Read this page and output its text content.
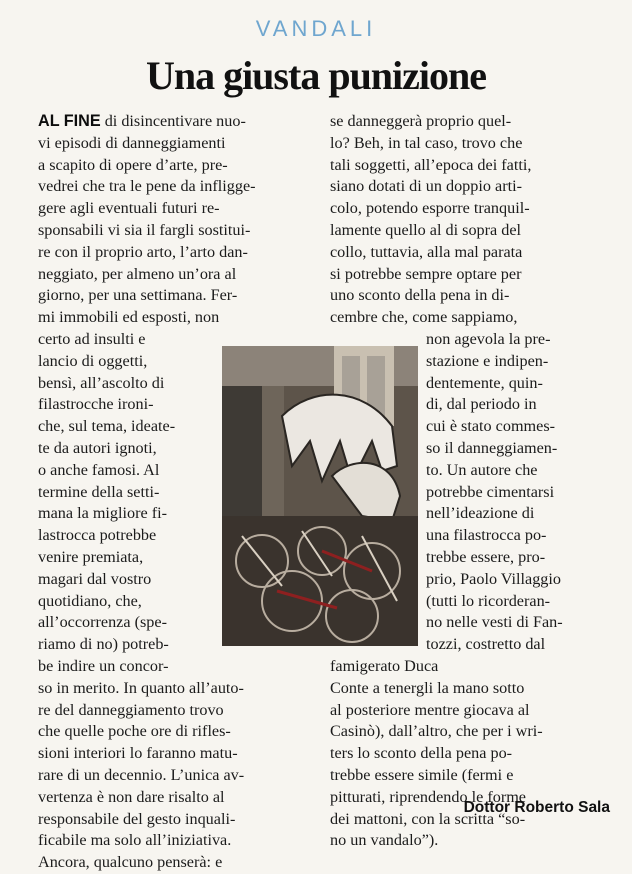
VANDALI
Una giusta punizione
AL FINE di disincentivare nuo-
vi episodi di danneggiamenti
a scapito di opere d’arte, pre-
vedrei che tra le pene da infligge-
gere agli eventuali futuri re-
sponsabili vi sia il fargli sostitui-
re con il proprio arto, l’arto dan-
neggiato, per almeno un’ora al
giorno, per una settimana. Fer-
mi immobili ed esposti, non
certo ad insulti e
lancio di oggetti,
bensì, all’ascolto di
filastrocche ironi-
che, sul tema, ideate-
te da autori ignoti,
o anche famosi. Al
termine della setti-
mana la migliore fi-
lastrocca potrebbe
venire premiata,
magari dal vostro
quotidiano, che,
all’occorrenza (spe-
riamo di no) potreb-
be indire un concor-
so in merito. In quanto all’auto-
re del danneggiamento trovo
che quelle poche ore di rifles-
sioni interiori lo faranno matu-
rare di un decennio. L’unica av-
vertenza è non dare risalto al
responsabile del gesto inquali-
ficabile ma solo all’iniziativa.
Ancora, qualcuno penserà: e
se danneggerà proprio quel-
lo? Beh, in tal caso, trovo che
tali soggetti, all’epoca dei fatti,
siano dotati di un doppio arti-
colo, potendo esporre tranquil-
lamente quello al di sopra del
collo, tuttavia, alla mal parata
si potrebbe sempre optare per
uno sconto della pena in di-
cembre che, come sappiamo,
non agevola la pre-
stazione e indipen-
dentemente, quin-
di, dal periodo in
cui è stato commes-
so il danneggiamen-
to. Un autore che
potrebbe cimentarsi
nell’ideazione di
una filastrocca po-
trebbe essere, pro-
prio, Paolo Villaggio
(tutti lo ricorderan-
no nelle vesti di Fan-
tozzi, costretto dal
famigerato Duca
Conte a tenergli la mano sotto
al posteriore mentre giocava al
Casinò), dall’altro, che per i wri-
ters lo sconto della pena po-
trebbe essere simile (fermi e
pitturati, riprendendo le forme
dei mattoni, con la scritta “so-
no un vandalo”).
Dottor Roberto Sala
